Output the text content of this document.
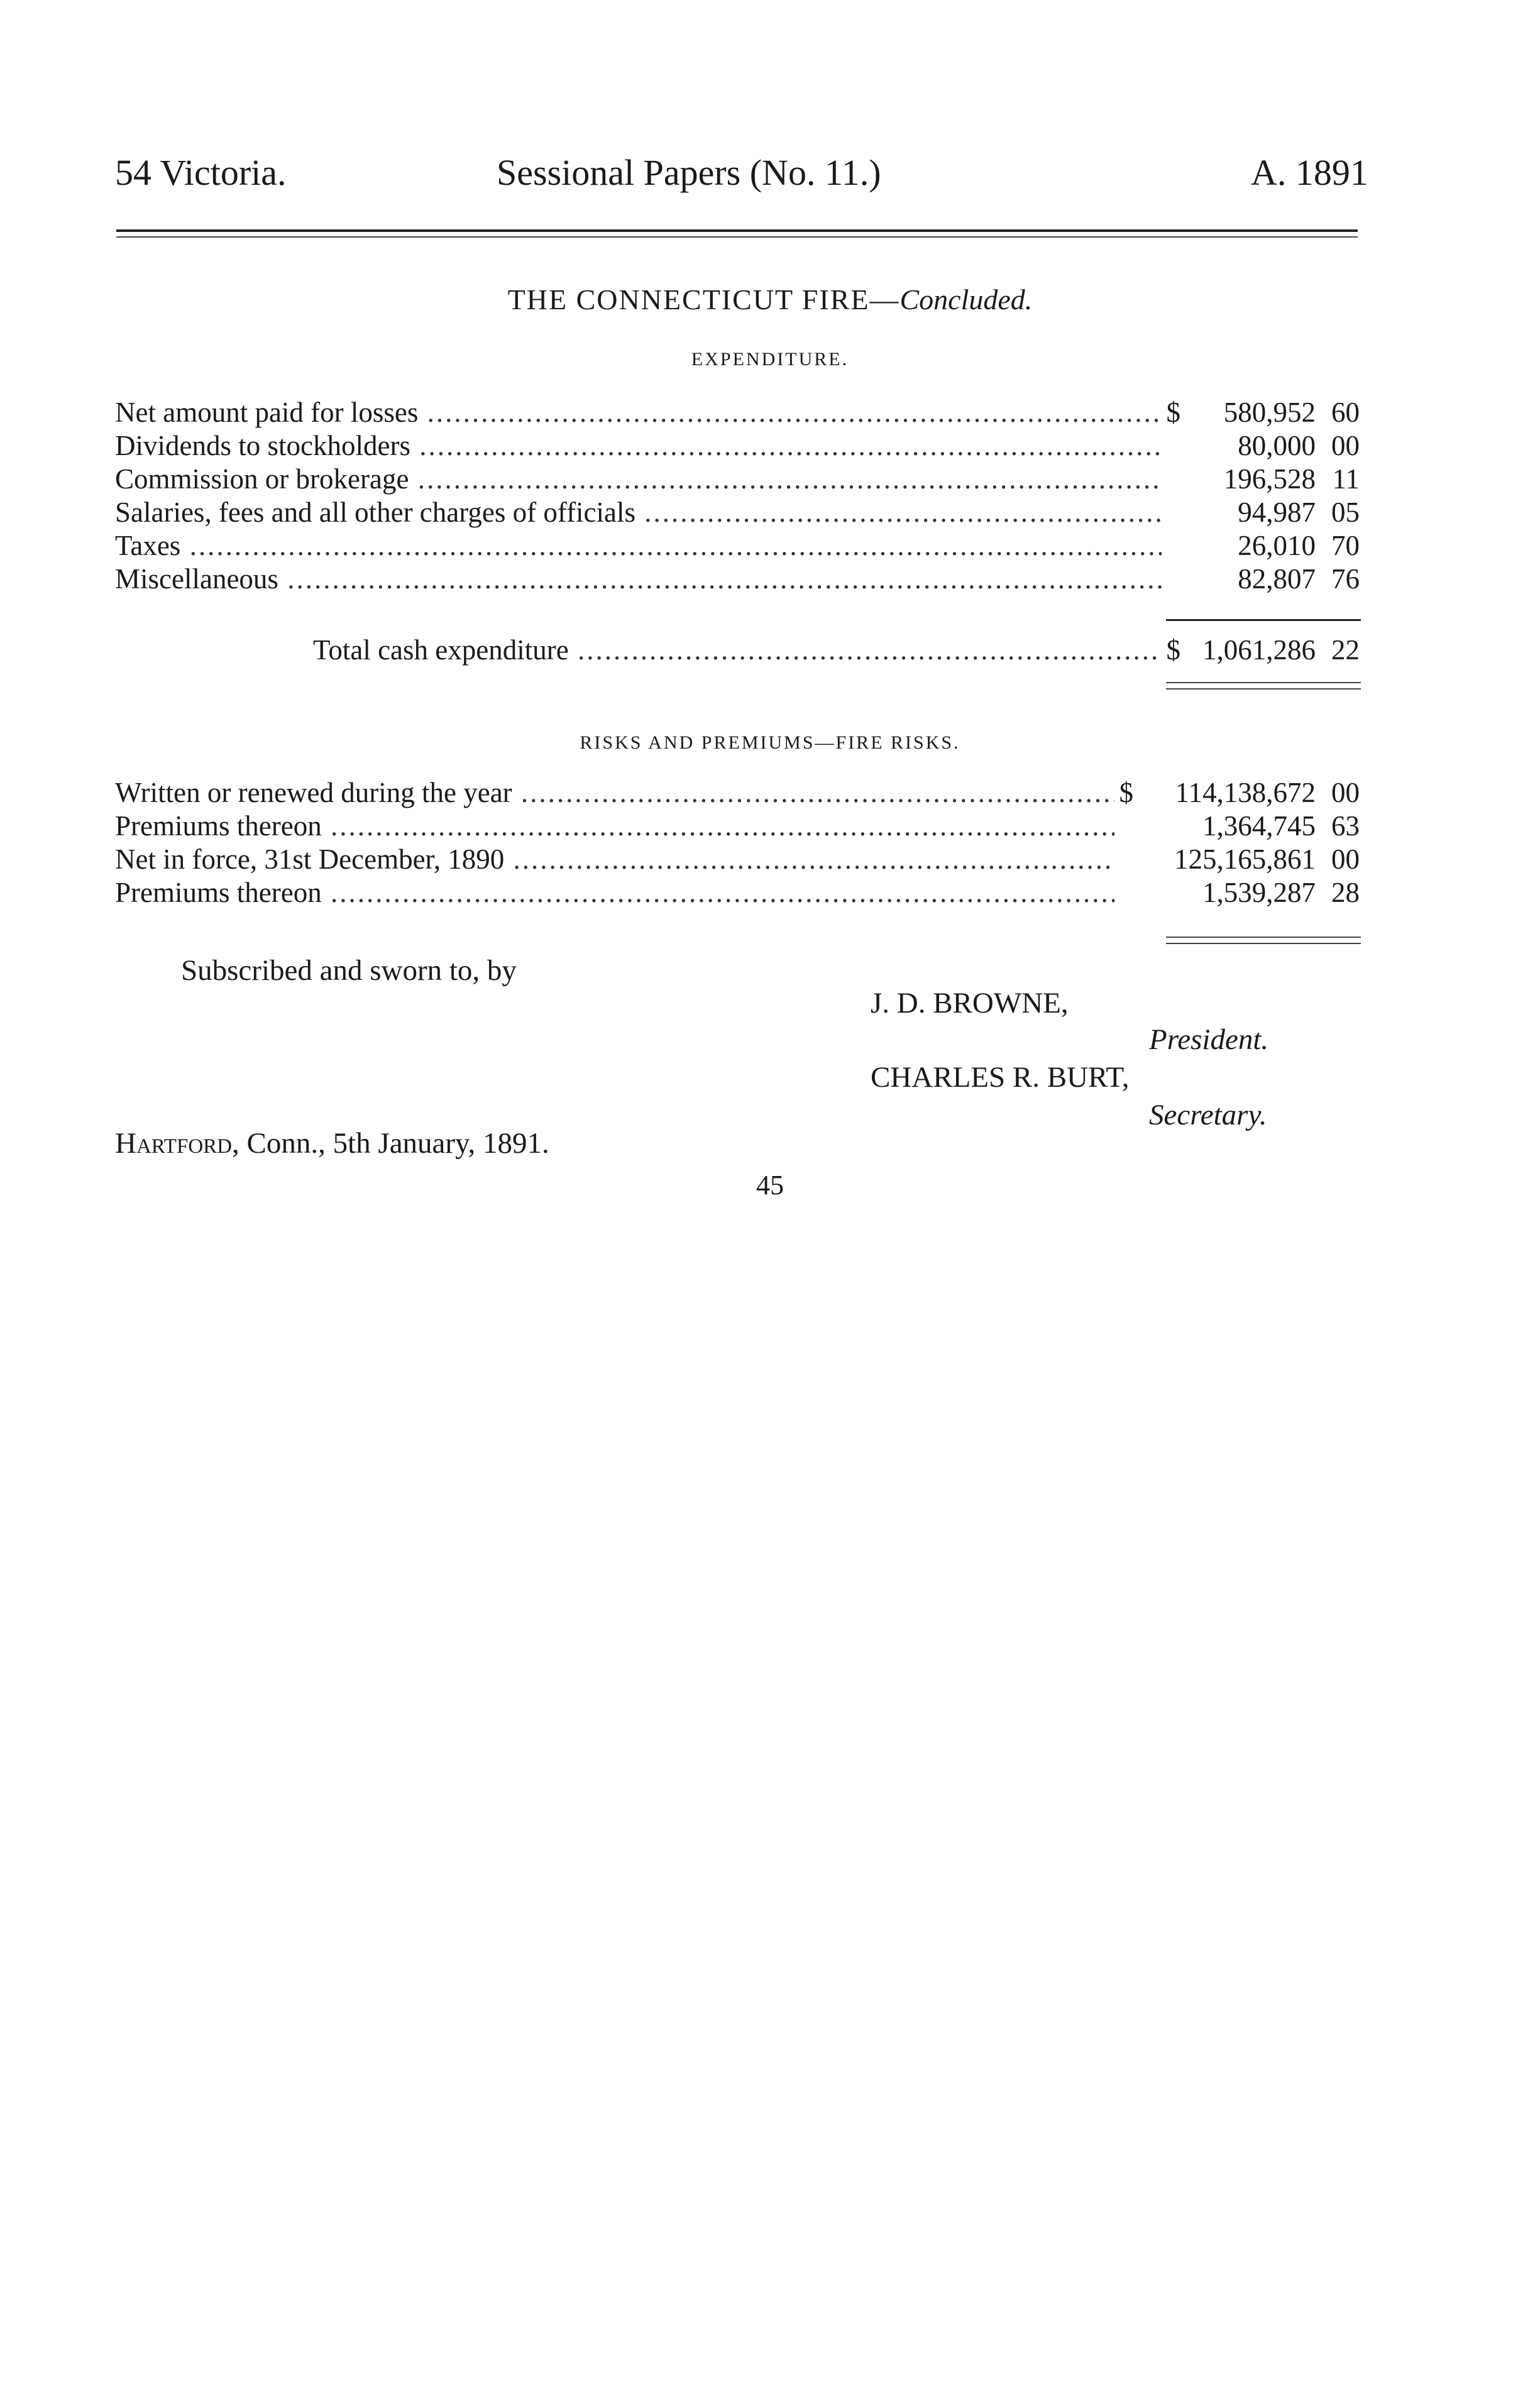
54 Victoria.	Sessional Papers (No. 11.)	A. 1891
THE CONNECTICUT FIRE—Concluded.
EXPENDITURE.
Net amount paid for losses .....	$	580,952 60
Dividends to stockholders .....	80,000 00
Commission or brokerage .....	196,528 11
Salaries, fees and all other charges of officials .....	94,987 05
Taxes .....	26,010 70
Miscellaneous .....	82,807 76
Total cash expenditure .....	$ 1,061,286 22
RISKS AND PREMIUMS—FIRE RISKS.
Written or renewed during the year .....	$	114,138,672 00
Premiums thereon .....	1,364,745 63
Net in force, 31st December, 1890 .....	125,165,861 00
Premiums thereon .....	1,539,287 28
Subscribed and sworn to, by
J. D. BROWNE,
President.
CHARLES R. BURT,
Secretary.
Hartford, Conn., 5th January, 1891.
45
